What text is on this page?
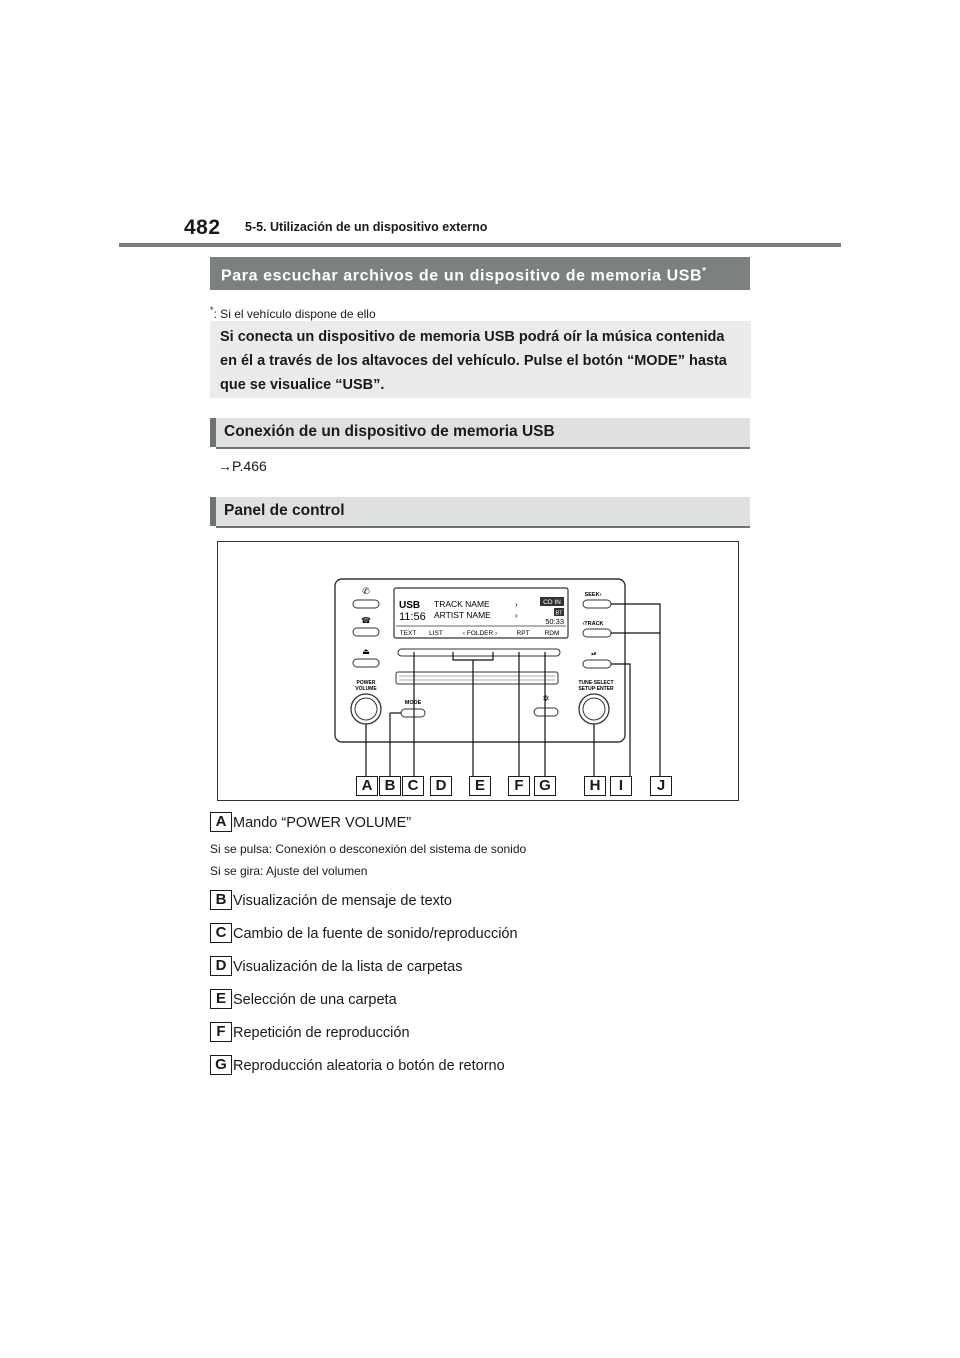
482 5-5. Utilización de un dispositivo externo
Para escuchar archivos de un dispositivo de memoria USB*
*: Si el vehículo dispone de ello
Si conecta un dispositivo de memoria USB podrá oír la música contenida
en él a través de los altavoces del vehículo. Pulse el botón “MODE” hasta
que se visualice “USB”.
Conexión de un dispositivo de memoria USB
→P.466
Panel de control
USB
11:56
TRACK NAME
ARTIST NAME
›
›
CD IN
BT
50:33
TEXT LIST	‹ FOLDER ›	RPT RDM
✆
☎
⏏
POWER
VOLUME
MODE	✲
SEEK›
‹TRACK
⏯
TUNE·SELECT
SETUP·ENTER
A B C	D	E	F	G	H	I	J
A Mando “POWER VOLUME”
Si se pulsa: Conexión o desconexión del sistema de sonido
Si se gira: Ajuste del volumen
B Visualización de mensaje de texto
C Cambio de la fuente de sonido/reproducción
D Visualización de la lista de carpetas
E Selección de una carpeta
F Repetición de reproducción
G Reproducción aleatoria o botón de retorno
